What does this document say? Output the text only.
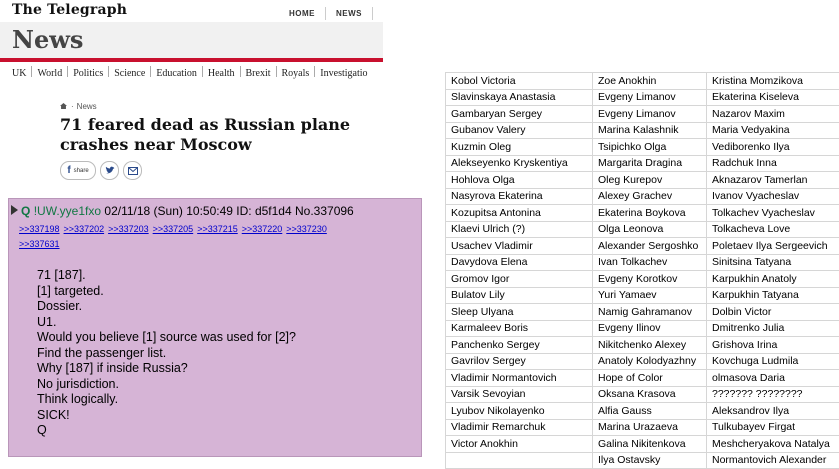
The Telegraph	HOME	NEWS
News
UK World Politics Science Education Health Brexit Royals Investigatio
· News
71 feared dead as Russian plane crashes near Moscow
f share
Q !UW.yye1fxo 02/11/18 (Sun) 10:50:49 ID: d5f1d4 No.337096
>>337198 >>337202 >>337203 >>337205 >>337215 >>337220 >>337230
>>337631
71 [187].
[1] targeted.
Dossier.
U1.
Would you believe [1] source was used for [2]?
Find the passenger list.
Why [187] if inside Russia?
No jurisdiction.
Think logically.
SICK!
Q
Kobol Victoria	Zoe Anokhin	Kristina Momzikova
Slavinskaya Anastasia	Evgeny Limanov	Ekaterina Kiseleva
Gambaryan Sergey	Evgeny Limanov	Nazarov Maxim
Gubanov Valery	Marina Kalashnik	Maria Vedyakina
Kuzmin Oleg	Tsipichko Olga	Vediborenko Ilya
Alekseyenko Kryskentiya	Margarita Dragina	Radchuk Inna
Hohlova Olga	Oleg Kurepov	Aknazarov Tamerlan
Nasyrova Ekaterina	Alexey Grachev	Ivanov Vyacheslav
Kozupitsa Antonina	Ekaterina Boykova	Tolkachev Vyacheslav
Klaevi Ulrich (?)	Olga Leonova	Tolkacheva Love
Usachev Vladimir	Alexander Sergoshko	Poletaev Ilya Sergeevich
Davydova Elena	Ivan Tolkachev	Sinitsina Tatyana
Gromov Igor	Evgeny Korotkov	Karpukhin Anatoly
Bulatov Lily	Yuri Yamaev	Karpukhin Tatyana
Sleep Ulyana	Namig Gahramanov	Dolbin Victor
Karmaleev Boris	Evgeny Ilinov	Dmitrenko Julia
Panchenko Sergey	Nikitchenko Alexey	Grishova Irina
Gavrilov Sergey	Anatoly Kolodyazhny	Kovchuga Ludmila
Vladimir Normantovich	Hope of Color	olmasova Daria
Varsik Sevoyian	Oksana Krasova	??????? ????????
Lyubov Nikolayenko	Alfia Gauss	Aleksandrov Ilya
Vladimir Remarchuk	Marina Urazaeva	Tulkubayev Firgat
Victor Anokhin	Galina Nikitenkova	Meshcheryakova Natalya
	Ilya Ostavsky	Normantovich Alexander
